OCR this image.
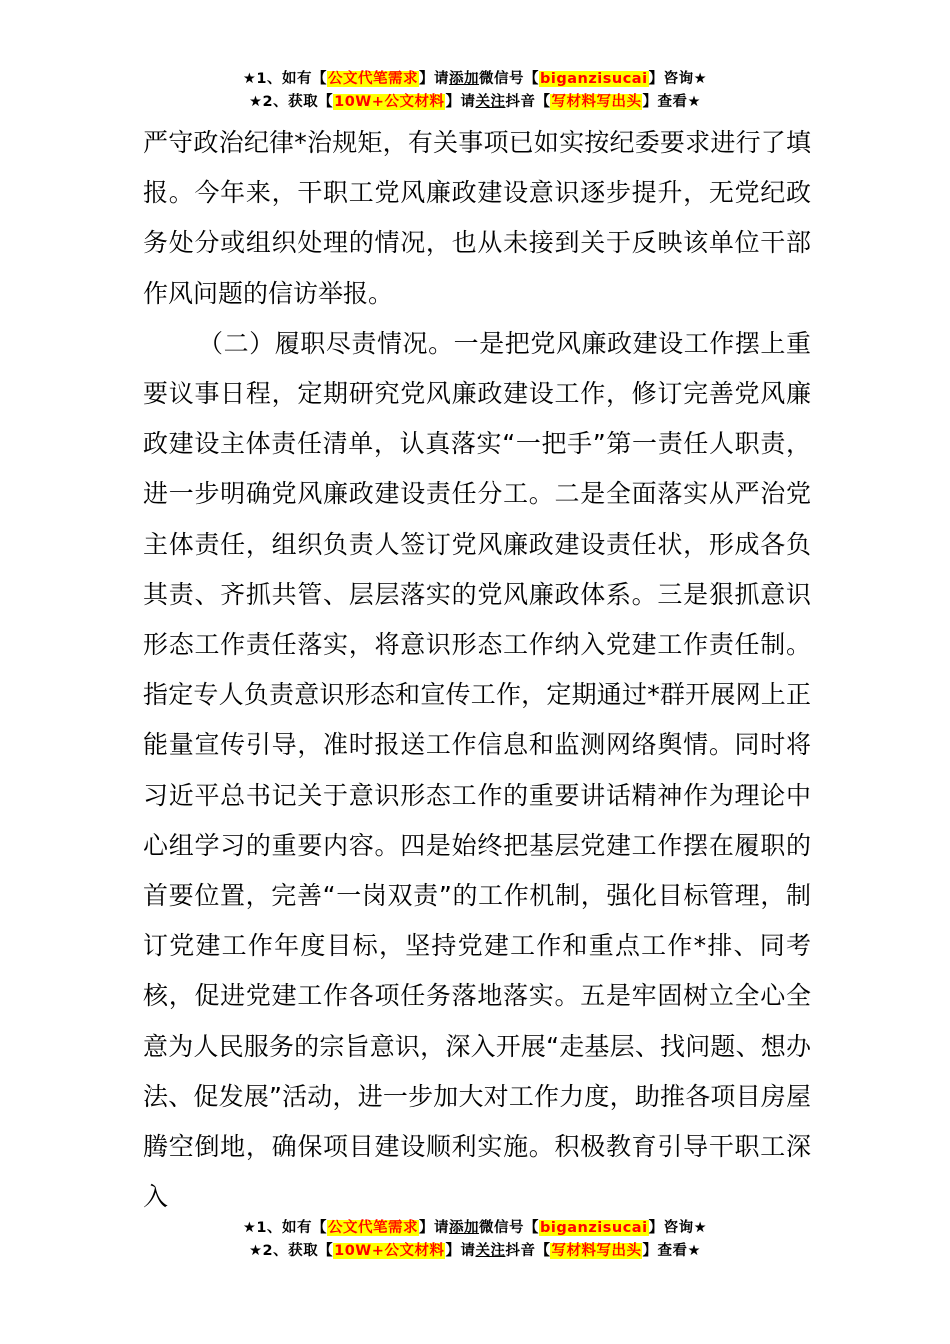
★1、如有【公文代笔需求】请添加微信号【biganzisucai】咨询★
★2、获取【10W+公文材料】请关注抖音【写材料写出头】查看★

严守政治纪律*治规矩，有关事项已如实按纪委要求进行了填报。今年来，干职工党风廉政建设意识逐步提升，无党纪政务处分或组织处理的情况，也从未接到关于反映该单位干部作风问题的信访举报。

（二）履职尽责情况。一是把党风廉政建设工作摆上重要议事日程，定期研究党风廉政建设工作，修订完善党风廉政建设主体责任清单，认真落实“一把手”第一责任人职责，进一步明确党风廉政建设责任分工。二是全面落实从严治党主体责任，组织负责人签订党风廉政建设责任状，形成各负其责、齐抓共管、层层落实的党风廉政体系。三是狠抓意识形态工作责任落实，将意识形态工作纳入党建工作责任制。指定专人负责意识形态和宣传工作，定期通过*群开展网上正能量宣传引导，准时报送工作信息和监测网络舆情。同时将习近平总书记关于意识形态工作的重要讲话精神作为理论中心组学习的重要内容。四是始终把基层党建工作摆在履职的首要位置，完善“一岗双责”的工作机制，强化目标管理，制订党建工作年度目标，坚持党建工作和重点工作*排、同考核，促进党建工作各项任务落地落实。五是牢固树立全心全意为人民服务的宗旨意识，深入开展“走基层、找问题、想办法、促发展”活动，进一步加大对工作力度，助推各项目房屋腾空倒地，确保项目建设顺利实施。积极教育引导干职工深入

★1、如有【公文代笔需求】请添加微信号【biganzisucai】咨询★
★2、获取【10W+公文材料】请关注抖音【写材料写出头】查看★
